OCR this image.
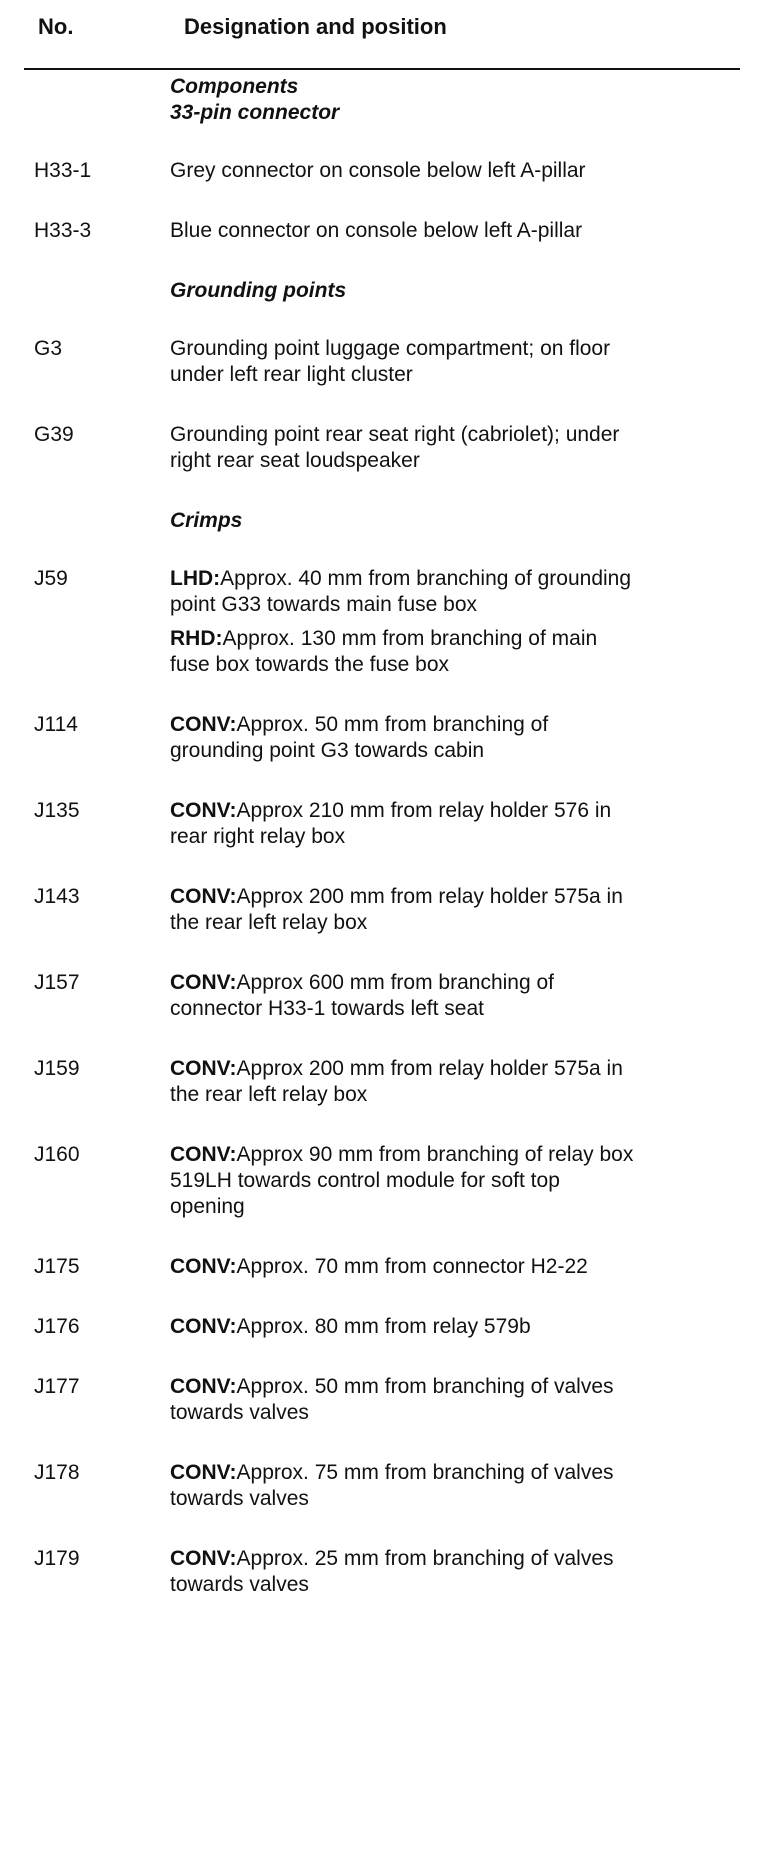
No.	Designation and position
Components
33-pin connector
H33-1	Grey connector on console below left A-pillar
H33-3	Blue connector on console below left A-pillar
Grounding points
G3	Grounding point luggage compartment; on floor under left rear light cluster
G39	Grounding point rear seat right (cabriolet); under right rear seat loudspeaker
Crimps
J59	LHD:Approx. 40 mm from branching of grounding point G33 towards main fuse box
RHD:Approx. 130 mm from branching of main fuse box towards the fuse box
J114	CONV:Approx. 50 mm from branching of grounding point G3 towards cabin
J135	CONV:Approx 210 mm from relay holder 576 in rear right relay box
J143	CONV:Approx 200 mm from relay holder 575a in the rear left relay box
J157	CONV:Approx 600 mm from branching of connector H33-1 towards left seat
J159	CONV:Approx 200 mm from relay holder 575a in the rear left relay box
J160	CONV:Approx 90 mm from branching of relay box 519LH towards control module for soft top opening
J175	CONV:Approx. 70 mm from connector H2-22
J176	CONV:Approx. 80 mm from relay 579b
J177	CONV:Approx. 50 mm from branching of valves towards valves
J178	CONV:Approx. 75 mm from branching of valves towards valves
J179	CONV:Approx. 25 mm from branching of valves towards valves
